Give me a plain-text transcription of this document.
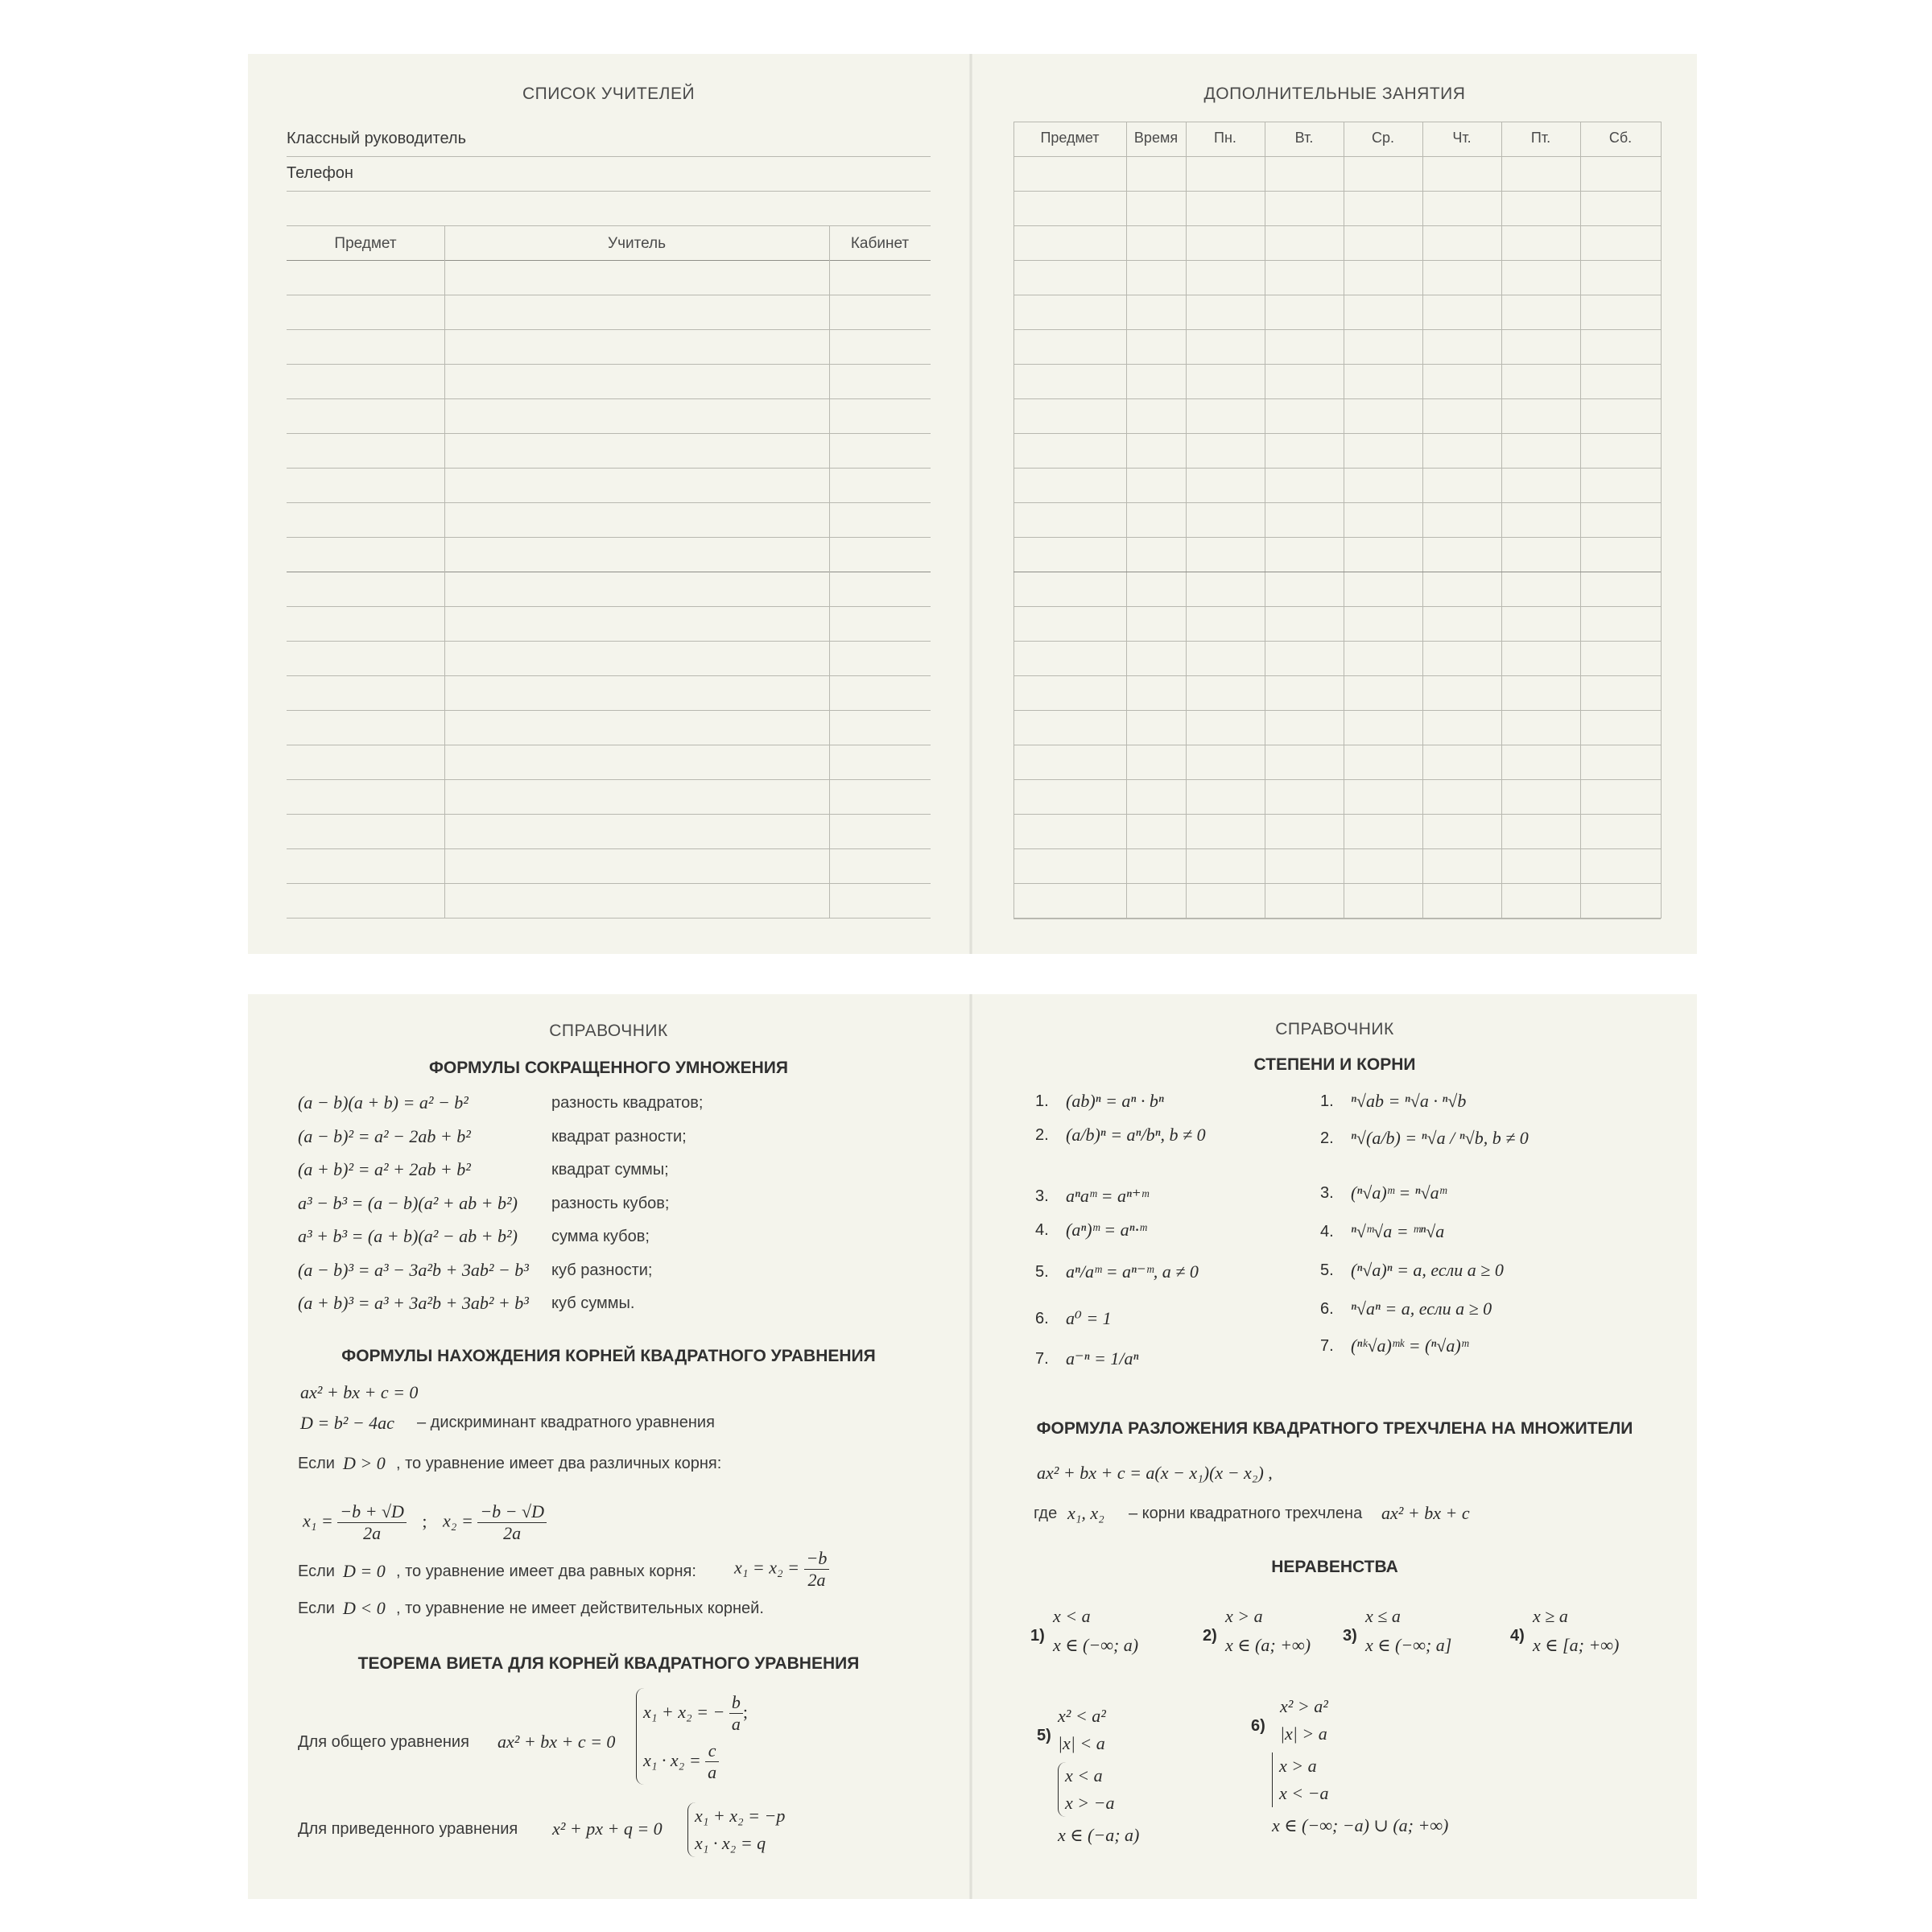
СПИСОК УЧИТЕЛЕЙ
Классный руководитель
Телефон
Предмет	Учитель	Кабинет
ДОПОЛНИТЕЛЬНЫЕ ЗАНЯТИЯ
Предмет	Время	Пн.	Вт.	Ср.	Чт.	Пт.	Сб.
СПРАВОЧНИК
ФОРМУЛЫ СОКРАЩЕННОГО УМНОЖЕНИЯ
(a − b)(a + b) = a² − b²	разность квадратов;
(a − b)² = a² − 2ab + b²	квадрат разности;
(a + b)² = a² + 2ab + b²	квадрат суммы;
a³ − b³ = (a − b)(a² + ab + b²) разность кубов;
a³ + b³ = (a + b)(a² − ab + b²) сумма кубов;
(a − b)³ = a³ − 3a²b + 3ab² − b³ куб разности;
(a + b)³ = a³ + 3a²b + 3ab² + b³ куб суммы.
ФОРМУЛЫ НАХОЖДЕНИЯ КОРНЕЙ КВАДРАТНОГО УРАВНЕНИЯ
ax² + bx + c = 0
D = b² − 4ac – дискриминант квадратного уравнения
Если D > 0 , то уравнение имеет два различных корня:
$x_1 = \frac{-b + √D}{2a}$ ; $x_2 = \frac{-b - √D}{2a}$
Если D = 0 , то уравнение имеет два равных корня: $x_1 = x_2 = \frac{-b}{2a}$
Если D < 0 , то уравнение не имеет действительных корней.
ТЕОРЕМА ВИЕТА ДЛЯ КОРНЕЙ КВАДРАТНОГО УРАВНЕНИЯ
Для общего уравнения ax² + bx + c = 0
x₁ + x₂ = − $\frac{b}{a}$ ;
$x_1 \cdot x_2 = \frac{c}{a}$
Для приведенного уравнения x² + px + q = 0
x₁ + x₂ = −p
x₁ · x₂ = q
СПРАВОЧНИК
СТЕПЕНИ И КОРНИ
1. (ab)ⁿ = aⁿ · bⁿ
2. (a/b)ⁿ = aⁿ/bⁿ, b ≠ 0
3. aⁿaᵐ = aⁿ⁺ᵐ
4. (aⁿ)ᵐ = aⁿ·ᵐ
5. aⁿ/aᵐ = aⁿ⁻ᵐ, a ≠ 0
6. a⁰ = 1
7. a⁻ⁿ = 1/aⁿ
1. ⁿ√ab = ⁿ√a · ⁿ√b
2. ⁿ√(a/b) = ⁿ√a / ⁿ√b, b ≠ 0
3. (ⁿ√a)ᵐ = ⁿ√aᵐ
4. ⁿ√ᵐ√a = ᵐⁿ√a
5. (ⁿ√a)ⁿ = a, если a ≥ 0
6. ⁿ√aⁿ = a, если a ≥ 0
7. (ⁿᵏ√a)ᵐᵏ = (ⁿ√a)ᵐ
ФОРМУЛА РАЗЛОЖЕНИЯ КВАДРАТНОГО ТРЕХЧЛЕНА НА МНОЖИТЕЛИ
ax² + bx + c = a(x − x₁)(x − x₂) ,
где x₁, x₂ – корни квадратного трехчлена ax² + bx + c
НЕРАВЕНСТВА
1)
x < a
x ∈ (−∞; a)	2)
x > a
x ∈ (a; +∞) 3)
x ≤ a
x ∈ (−∞; a]	4)
x ≥ a
x ∈ [a; +∞)
5)
x² < a²
|x| < a
x < a
x > −a
x ∈ (−a; a)
6)
x² > a²
|x| > a
x > a
x < −a
x ∈ (−∞; −a) ∪ (a; +∞)
